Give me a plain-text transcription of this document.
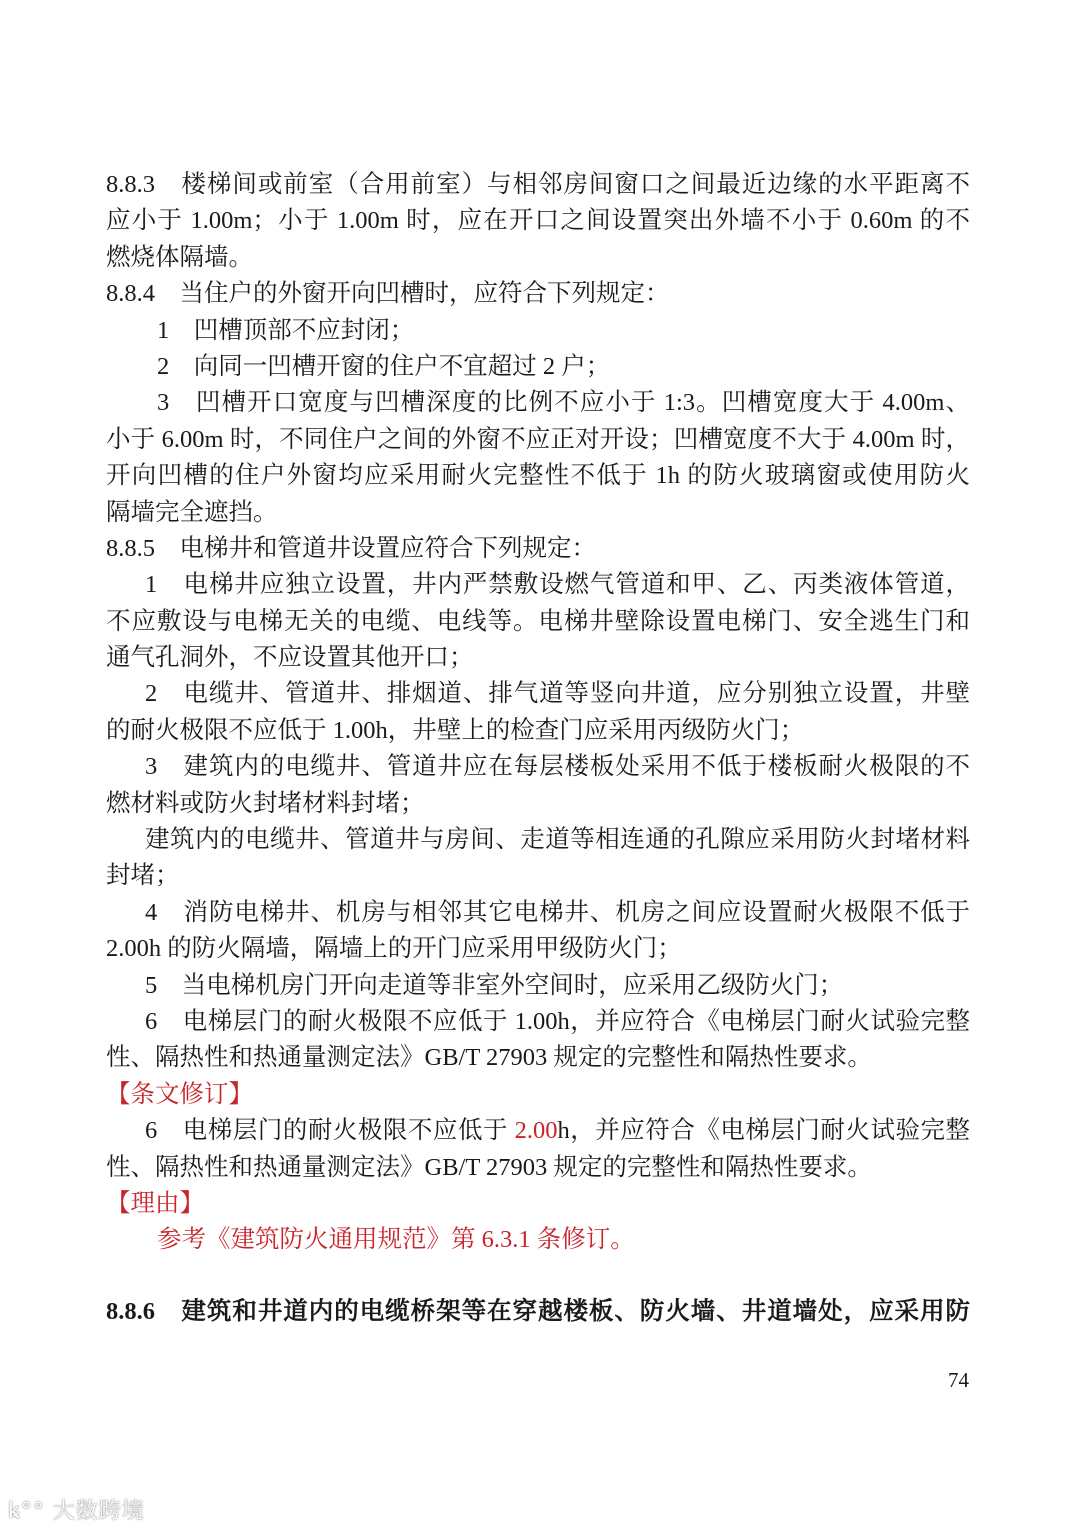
8.8.3　楼梯间或前室（合用前室）与相邻房间窗口之间最近边缘的水平距离不
应小于 1.00m；小于 1.00m 时，应在开口之间设置突出外墙不小于 0.60m 的不
燃烧体隔墙。
8.8.4　当住户的外窗开向凹槽时，应符合下列规定：
1　凹槽顶部不应封闭；
2　向同一凹槽开窗的住户不宜超过 2 户；
3　凹槽开口宽度与凹槽深度的比例不应小于 1:3。凹槽宽度大于 4.00m、
小于 6.00m 时，不同住户之间的外窗不应正对开设；凹槽宽度不大于 4.00m 时，
开向凹槽的住户外窗均应采用耐火完整性不低于 1h 的防火玻璃窗或使用防火
隔墙完全遮挡。
8.8.5　电梯井和管道井设置应符合下列规定：
1　电梯井应独立设置，井内严禁敷设燃气管道和甲、乙、丙类液体管道，
不应敷设与电梯无关的电缆、电线等。电梯井壁除设置电梯门、安全逃生门和
通气孔洞外，不应设置其他开口；
2　电缆井、管道井、排烟道、排气道等竖向井道，应分别独立设置，井壁
的耐火极限不应低于 1.00h，井壁上的检查门应采用丙级防火门；
3　建筑内的电缆井、管道井应在每层楼板处采用不低于楼板耐火极限的不
燃材料或防火封堵材料封堵；
建筑内的电缆井、管道井与房间、走道等相连通的孔隙应采用防火封堵材料
封堵；
4　消防电梯井、机房与相邻其它电梯井、机房之间应设置耐火极限不低于
2.00h 的防火隔墙，隔墙上的开门应采用甲级防火门；
5　当电梯机房门开向走道等非室外空间时，应采用乙级防火门；
6　电梯层门的耐火极限不应低于 1.00h，并应符合《电梯层门耐火试验完整
性、隔热性和热通量测定法》GB/T 27903 规定的完整性和隔热性要求。
【条文修订】
6　电梯层门的耐火极限不应低于 2.00h，并应符合《电梯层门耐火试验完整
性、隔热性和热通量测定法》GB/T 27903 规定的完整性和隔热性要求。
【理由】
参考《建筑防火通用规范》第 6.3.1 条修订。
8.8.6　建筑和井道内的电缆桥架等在穿越楼板、防火墙、井道墙处，应采用防
74
ꝃ°° 大数跨境
